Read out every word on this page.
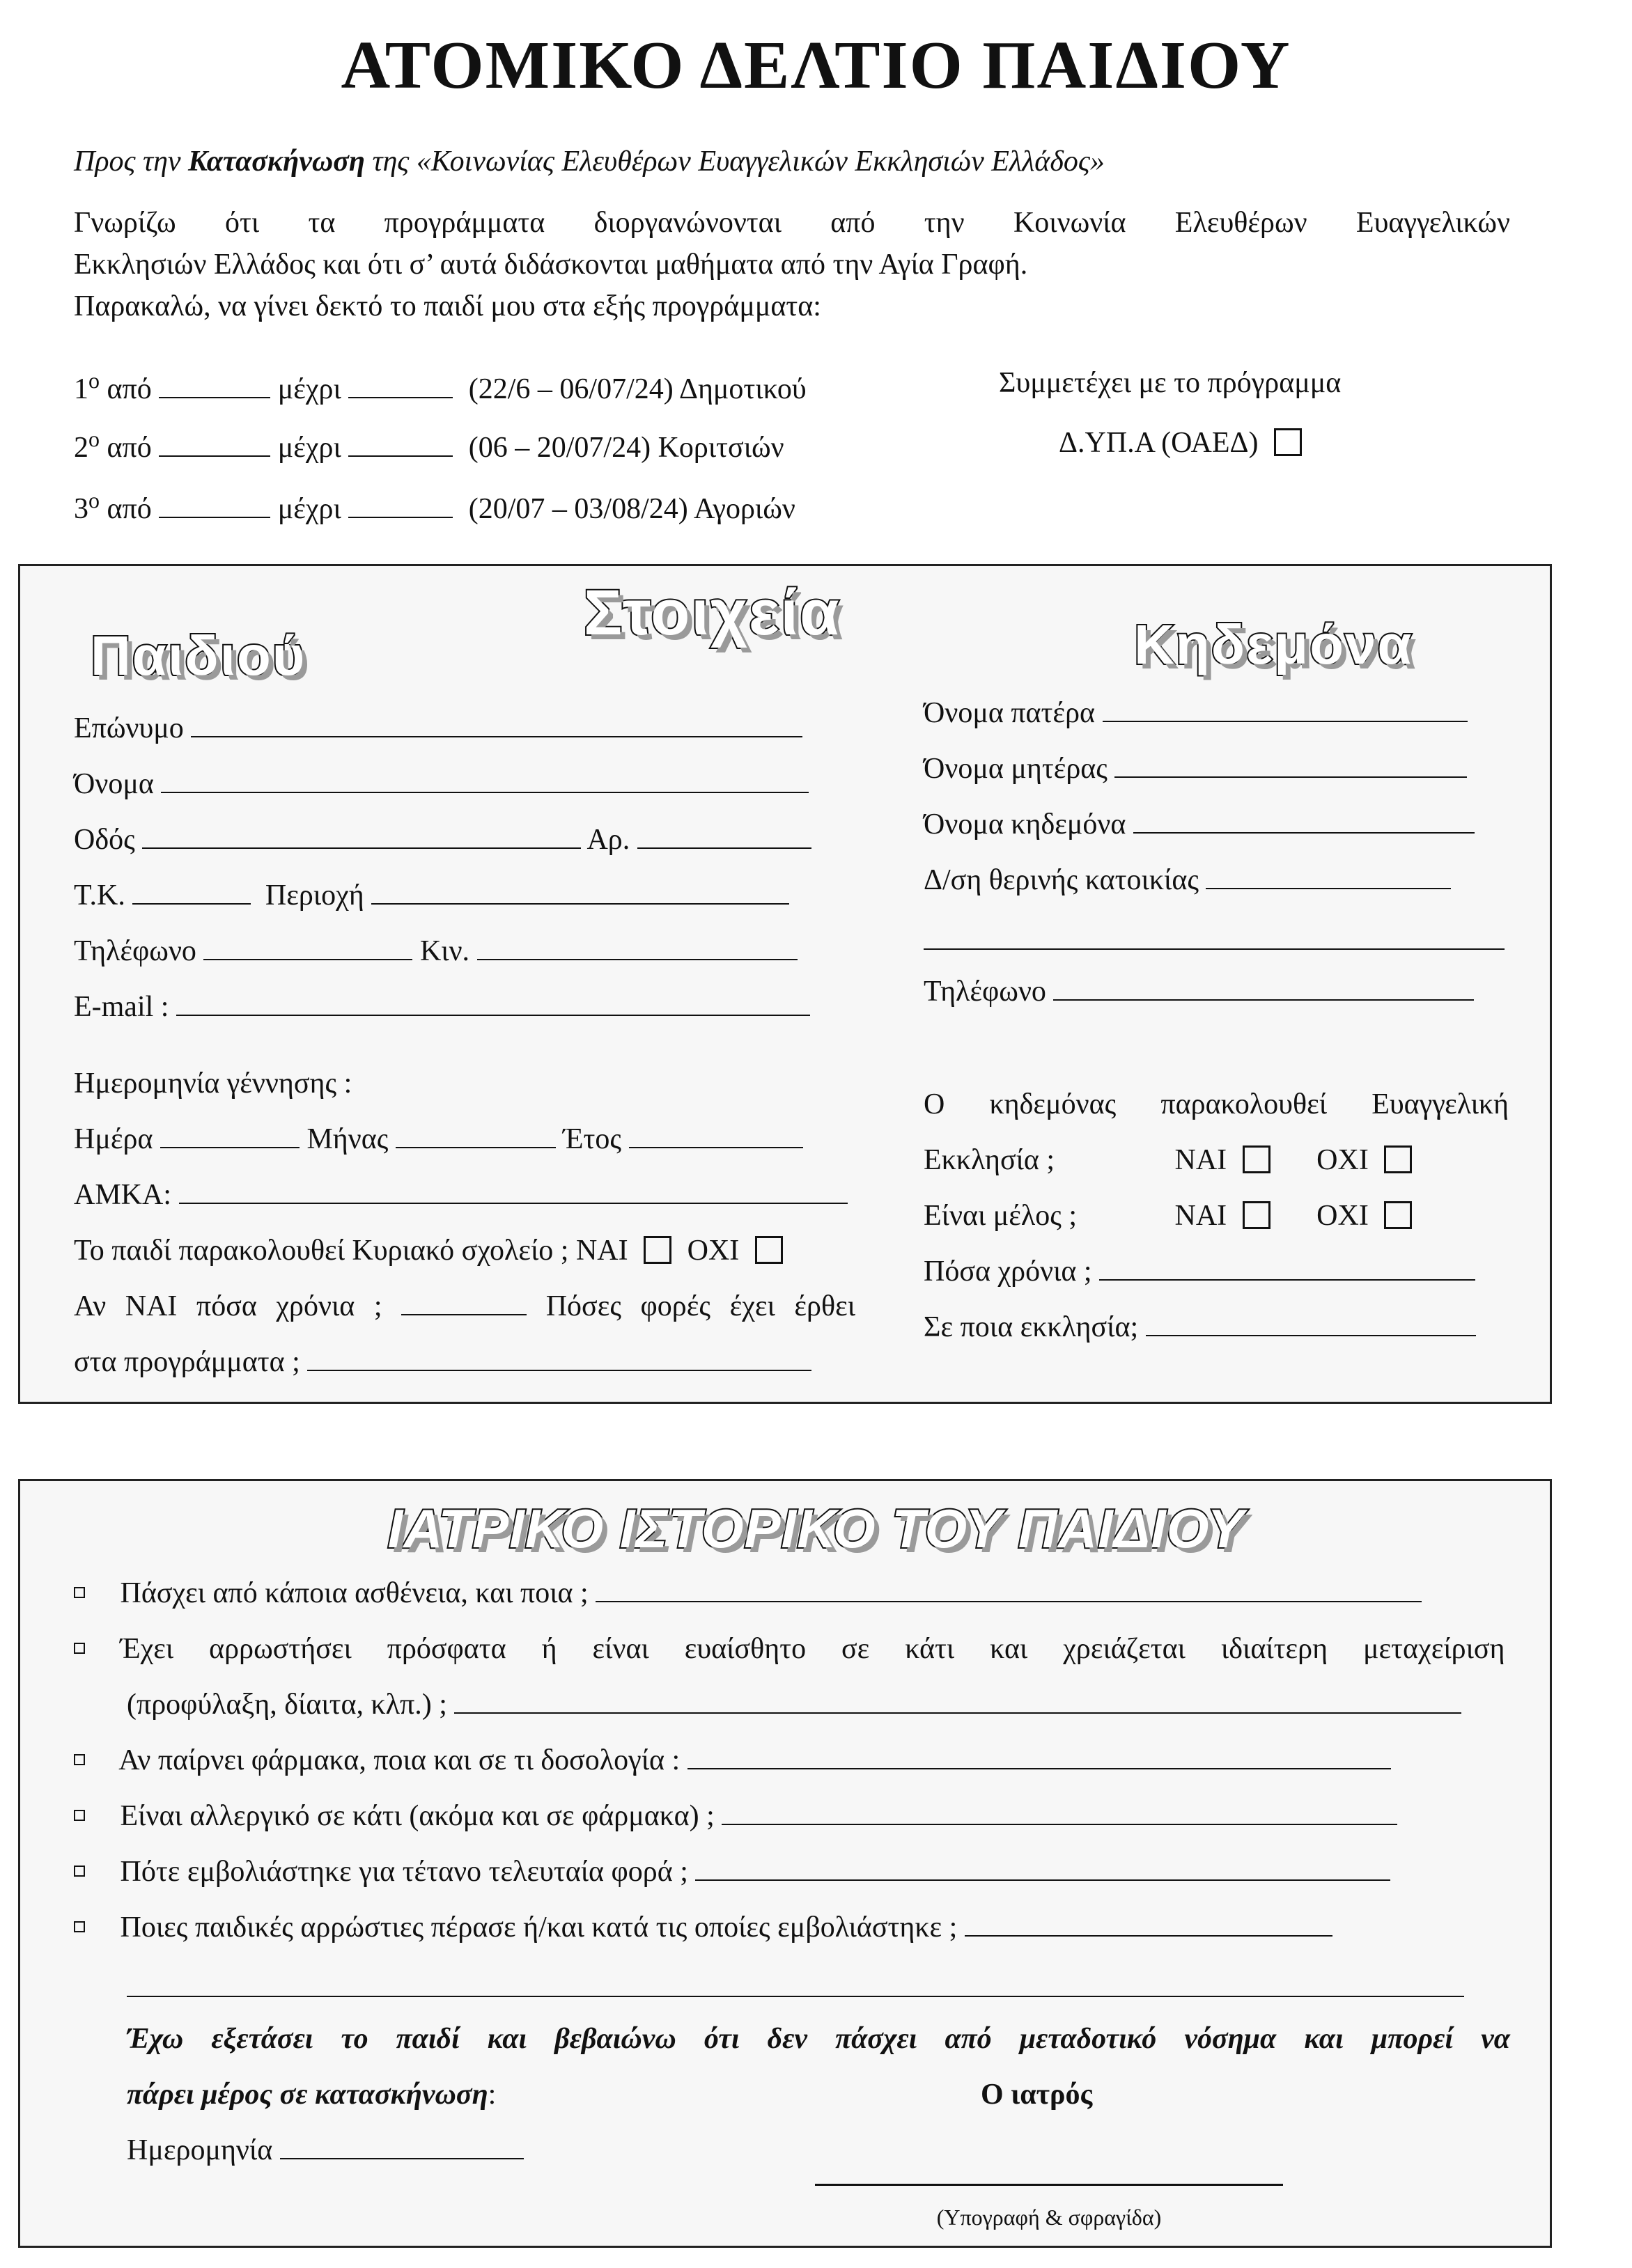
ΑΤΟΜΙΚΟ ΔΕΛΤΙΟ ΠΑΙΔΙΟΥ
Προς την Κατασκήνωση της «Κοινωνίας Ελευθέρων Ευαγγελικών Εκκλησιών Ελλάδος»
Γνωρίζω ότι τα προγράμματα διοργανώνονται από την Κοινωνία Ελευθέρων Ευαγγελικών
Εκκλησιών Ελλάδος και ότι σ’ αυτά διδάσκονται μαθήματα από την Αγία Γραφή.
Παρακαλώ, να γίνει δεκτό το παιδί μου στα εξής προγράμματα:
$1^o$ από	μέχρι	(22/6 – 06/07/24) Δημοτικού
$2^o$ από	μέχρι	(06 – 20/07/24) Κοριτσιών
$3^o$ από	μέχρι	(20/07 – 03/08/24) Αγοριών
Συμμετέχει με το πρόγραμμα
Δ.ΥΠ.Α (ΟΑΕΔ)
Στοιχεία
Παιδιού	Κηδεμόνα
Επώνυμο
Όνομα
Οδός	Αρ.
Τ.Κ.	Περιοχή
Τηλέφωνο	Κιν.
E-mail :
Ημερομηνία γέννησης :
Ημέρα	Μήνας	Έτος
ΑΜΚΑ:
Το παιδί παρακολουθεί Κυριακό σχολείο ; ΝΑΙ ΟΧΙ
Αν ΝΑΙ πόσα χρόνια ;	Πόσες φορές έχει έρθει
στα προγράμματα ;
Όνομα πατέρα
Όνομα μητέρας
Όνομα κηδεμόνα
Δ/ση θερινής κατοικίας
Τηλέφωνο
Ο κηδεμόνας παρακολουθεί Ευαγγελική
Εκκλησία ;	ΝΑΙ	ΟΧΙ
Είναι μέλος ;	ΝΑΙ	ΟΧΙ
Πόσα χρόνια ;
Σε ποια εκκλησία;
ΙΑΤΡΙΚΟ ΙΣΤΟΡΙΚΟ ΤΟΥ ΠΑΙΔΙΟΥ
Πάσχει από κάποια ασθένεια, και ποια ;
Έχει αρρωστήσει πρόσφατα ή είναι ευαίσθητο σε κάτι και χρειάζεται ιδιαίτερη μεταχείριση
(προφύλαξη, δίαιτα, κλπ.) ;
Αν παίρνει φάρμακα, ποια και σε τι δοσολογία :
Είναι αλλεργικό σε κάτι (ακόμα και σε φάρμακα) ;
Πότε εμβολιάστηκε για τέτανο τελευταία φορά ;
Ποιες παιδικές αρρώστιες πέρασε ή/και κατά τις οποίες εμβολιάστηκε ;
Έχω εξετάσει το παιδί και βεβαιώνω ότι δεν πάσχει από μεταδοτικό νόσημα και μπορεί να
πάρει μέρος σε κατασκήνωση:	Ο ιατρός
Ημερομηνία
(Υπογραφή & σφραγίδα)
